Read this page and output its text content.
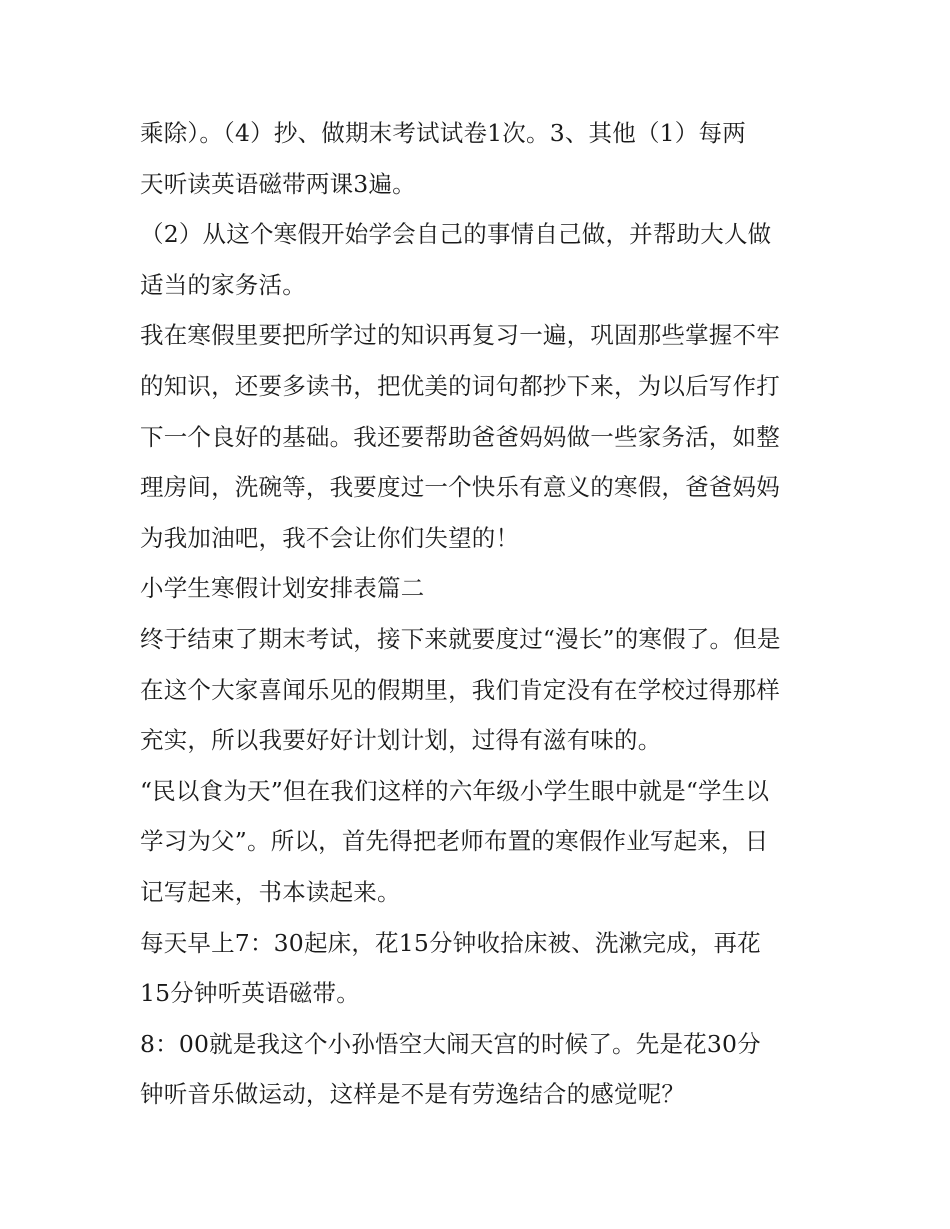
乘除）。（4）抄、做期末考试试卷1次。3、其他（1）每两
天听读英语磁带两课3遍。
（2）从这个寒假开始学会自己的事情自己做，并帮助大人做
适当的家务活。
我在寒假里要把所学过的知识再复习一遍，巩固那些掌握不牢
的知识，还要多读书，把优美的词句都抄下来，为以后写作打
下一个良好的基础。我还要帮助爸爸妈妈做一些家务活，如整
理房间，洗碗等，我要度过一个快乐有意义的寒假，爸爸妈妈
为我加油吧，我不会让你们失望的！
小学生寒假计划安排表篇二
终于结束了期末考试，接下来就要度过“漫长”的寒假了。但是
在这个大家喜闻乐见的假期里，我们肯定没有在学校过得那样
充实，所以我要好好计划计划，过得有滋有味的。
“民以食为天”但在我们这样的六年级小学生眼中就是“学生以
学习为父”。所以，首先得把老师布置的寒假作业写起来，日
记写起来，书本读起来。
每天早上7：30起床，花15分钟收拾床被、洗漱完成，再花
15分钟听英语磁带。
8：00就是我这个小孙悟空大闹天宫的时候了。先是花30分
钟听音乐做运动，这样是不是有劳逸结合的感觉呢？
